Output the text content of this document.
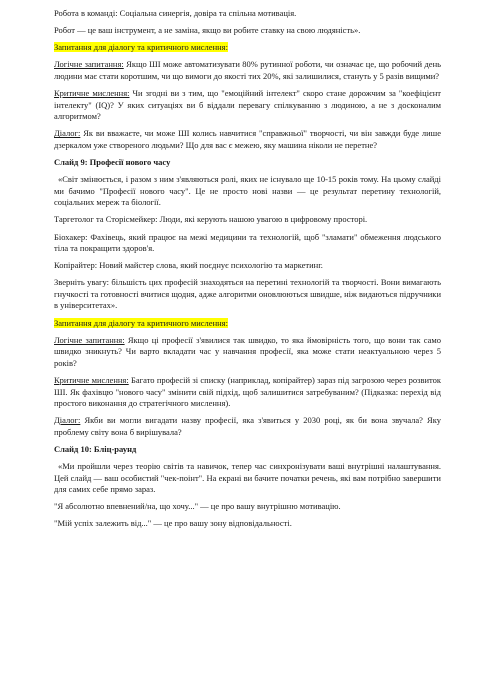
Робота в команді: Соціальна синергія, довіра та спільна мотивація.

Робот — це ваш інструмент, а не заміна, якщо ви робите ставку на свою людяність».

Запитання для діалогу та критичного мислення:

Логічне запитання: Якщо ШІ може автоматизувати 80% рутинної роботи, чи означає це, що робочий день людини має стати коротшим, чи що вимоги до якості тих 20%, які залишилися, стануть у 5 разів вищими?

Критичне мислення: Чи згодні ви з тим, що "емоційний інтелект" скоро стане дорожчим за "коефіцієнт інтелекту" (IQ)? У яких ситуаціях ви б віддали перевагу спілкуванню з людиною, а не з досконалим алгоритмом?

Діалог: Як ви вважаєте, чи може ШІ колись навчитися "справжньої" творчості, чи він завжди буде лише дзеркалом уже створеного людьми? Що для вас є межею, яку машина ніколи не перетне?

Слайд 9: Професії нового часу

«Світ змінюється, і разом з ним з'являються ролі, яких не існувало ще 10-15 років тому. На цьому слайді ми бачимо "Професії нового часу". Це не просто нові назви — це результат перетину технологій, соціальних мереж та біології.

Таргетолог та Сторісмейкер: Люди, які керують нашою увагою в цифровому просторі.

Біохакер: Фахівець, який працює на межі медицини та технологій, щоб "зламати" обмеження людського тіла та покращити здоров'я.

Копірайтер: Новий майстер слова, який поєднує психологію та маркетинг.

Зверніть увагу: більшість цих професій знаходяться на перетині технологій та творчості. Вони вимагають гнучкості та готовності вчитися щодня, адже алгоритми оновлюються швидше, ніж видаються підручники в університетах».

Запитання для діалогу та критичного мислення:

Логічне запитання: Якщо ці професії з'явилися так швидко, то яка ймовірність того, що вони так само швидко зникнуть? Чи варто вкладати час у навчання професії, яка може стати неактуальною через 5 років?

Критичне мислення: Багато професій зі списку (наприклад, копірайтер) зараз під загрозою через розвиток ШІ. Як фахівцю "нового часу" змінити свій підхід, щоб залишитися затребуваним? (Підказка: перехід від простого виконання до стратегічного мислення).

Діалог: Якби ви могли вигадати назву професії, яка з'явиться у 2030 році, як би вона звучала? Яку проблему світу вона б вирішувала?

Слайд 10: Бліц-раунд

«Ми пройшли через теорію світів та навичок, тепер час синхронізувати ваші внутрішні налаштування. Цей слайд — ваш особистий "чек-поінт". На екрані ви бачите початки речень, які вам потрібно завершити для самих себе прямо зараз.

"Я абсолютно впевнений/на, що хочу..." — це про вашу внутрішню мотивацію.

"Мій успіх залежить від..." — це про вашу зону відповідальності.
